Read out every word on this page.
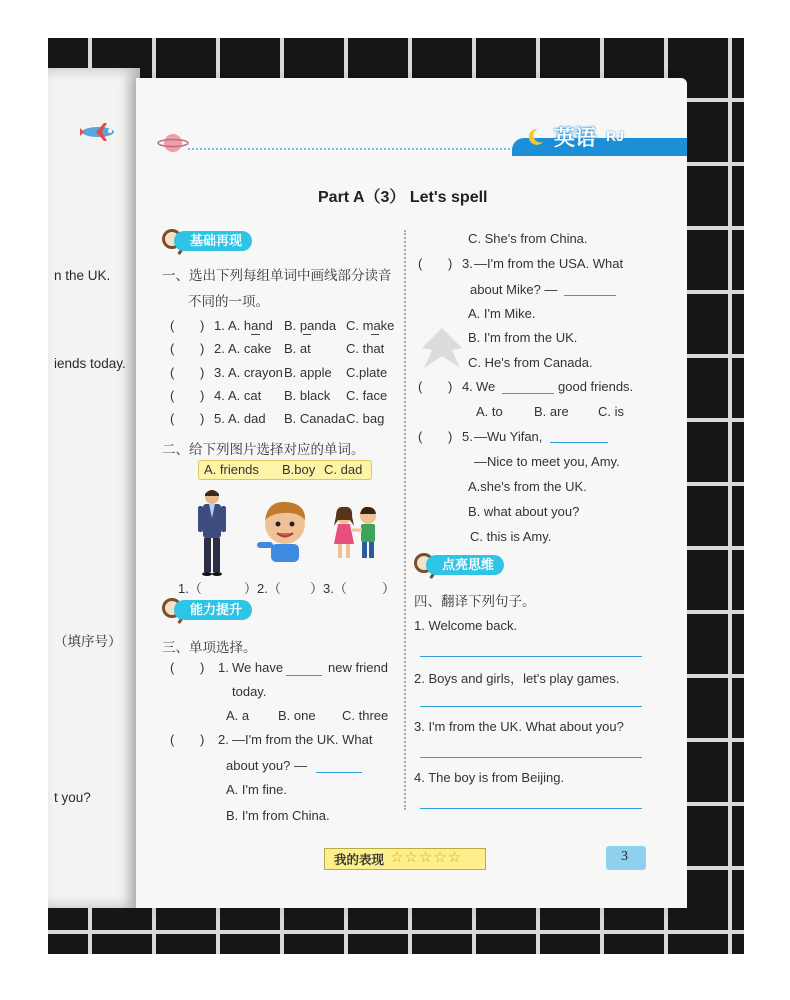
n the UK.
iends today.
（填序号）
t you?
英语 RJ
Part A（3） Let's spell
基础再现
一、选出下列每组单词中画线部分读音
不同的一项。
( ) 1. A. hand B. panda C. make
( ) 2. A. cake B. at	C. that
( ) 3. A. crayon B. apple C.plate
( ) 4. A. cat B. black C. face
( ) 5. A. dad B. Canada C. bag
二、给下列图片选择对应的单词。
A. friends B.boy C. dad
1.（	）2.（ ）3.（	）
能力提升
三、单项选择。
( ) 1. We have	new friend
today.
A. a B. one C. three
( ) 2. —I'm from the UK. What
about you? —
A. I'm fine.
B. I'm from China.
C. She's from China.
( ) 3. —I'm from the USA. What
about Mike? —
A. I'm Mike.
B. I'm from the UK.
C. He's from Canada.
( ) 4. We	good friends.
A. to B. are C. is
( ) 5. —Wu Yifan,
—Nice to meet you, Amy.
A.she's from the UK.
B. what about you?
C. this is Amy.
点亮思维
四、翻译下列句子。
1. Welcome back.
2. Boys and girls，let's play games.
3. I'm from the UK. What about you?
4. The boy is from Beijing.
我的表现 ☆☆☆☆☆	3
